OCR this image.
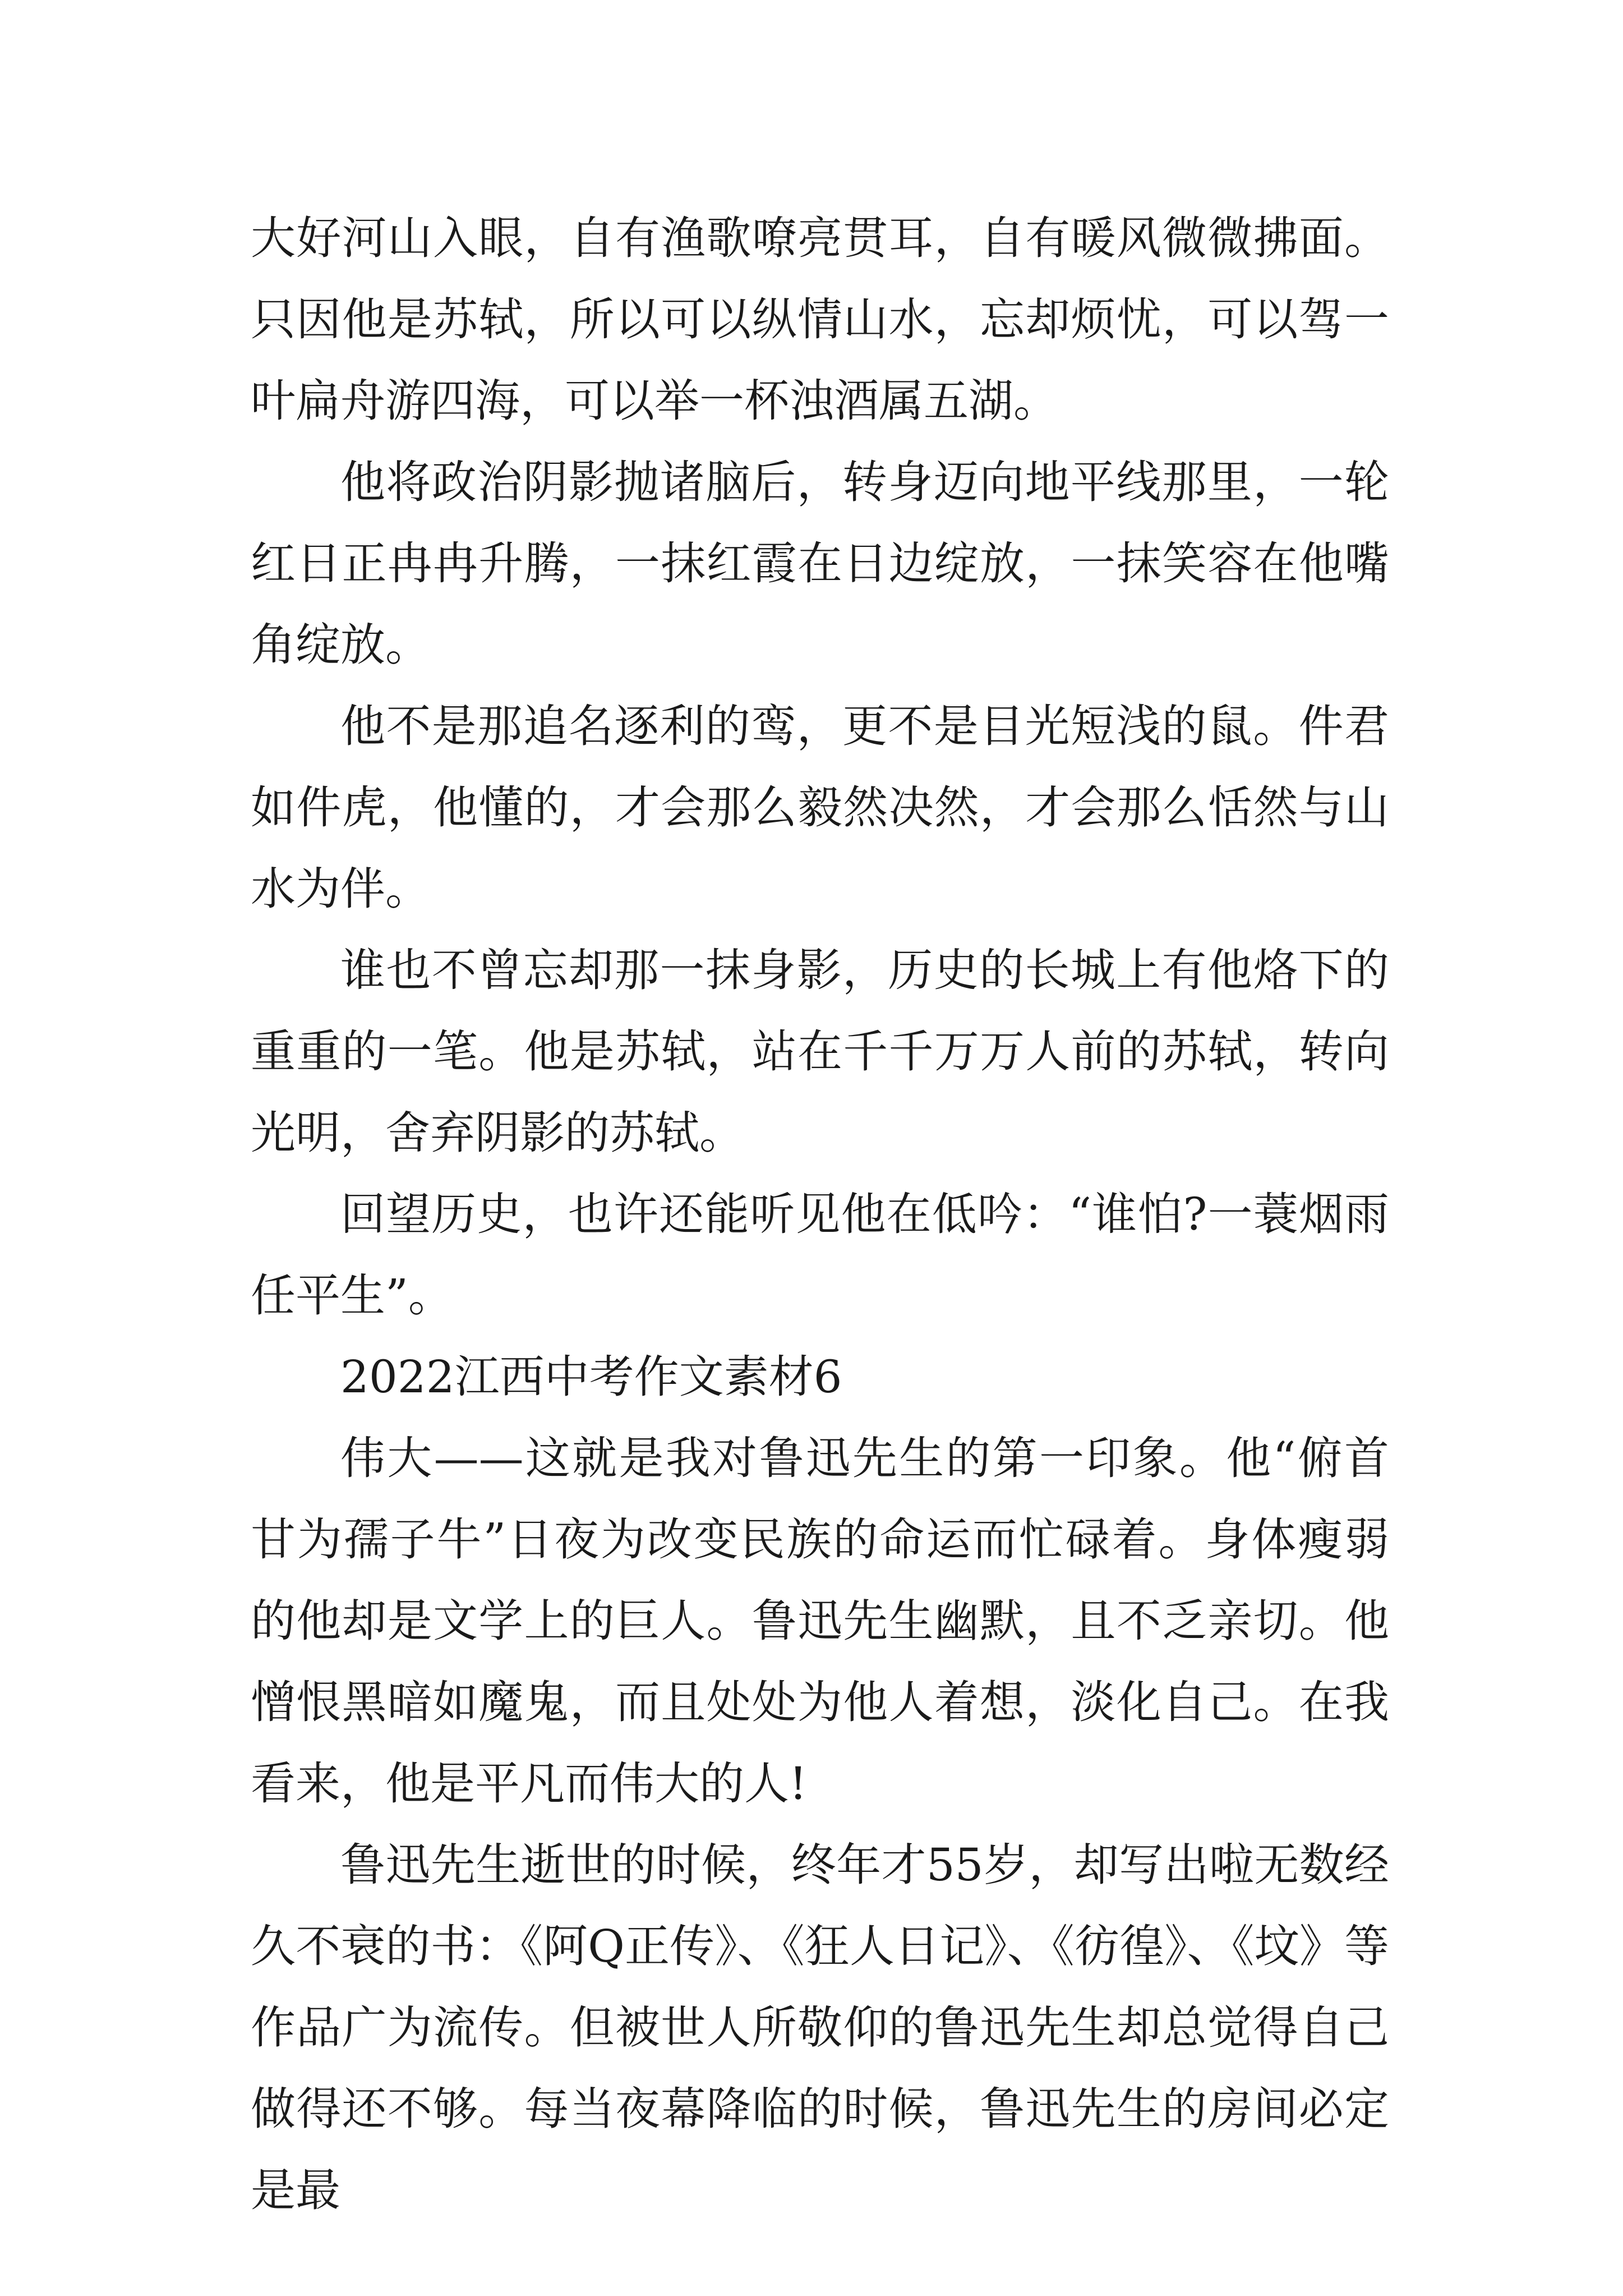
大好河山入眼，自有渔歌嘹亮贯耳，自有暖风微微拂面。只因他是苏轼，所以可以纵情山水，忘却烦忧，可以驾一叶扁舟游四海，可以举一杯浊酒属五湖。

他将政治阴影抛诸脑后，转身迈向地平线那里，一轮红日正冉冉升腾，一抹红霞在日边绽放，一抹笑容在他嘴角绽放。

他不是那追名逐利的鸾，更不是目光短浅的鼠。件君如件虎，他懂的，才会那么毅然决然，才会那么恬然与山水为伴。

谁也不曾忘却那一抹身影，历史的长城上有他烙下的重重的一笔。他是苏轼，站在千千万万人前的苏轼，转向光明，舍弃阴影的苏轼。

回望历史，也许还能听见他在低吟：“谁怕?一蓑烟雨任平生”。

2022江西中考作文素材6

伟大——这就是我对鲁迅先生的第一印象。他“俯首甘为孺子牛”日夜为改变民族的命运而忙碌着。身体瘦弱的他却是文学上的巨人。鲁迅先生幽默，且不乏亲切。他憎恨黑暗如魔鬼，而且处处为他人着想，淡化自己。在我看来，他是平凡而伟大的人!

鲁迅先生逝世的时候，终年才55岁，却写出啦无数经久不衰的书：《阿Q正传》、《狂人日记》、《彷徨》、《坟》等作品广为流传。但被世人所敬仰的鲁迅先生却总觉得自己做得还不够。每当夜幕降临的时候，鲁迅先生的房间必定是最
